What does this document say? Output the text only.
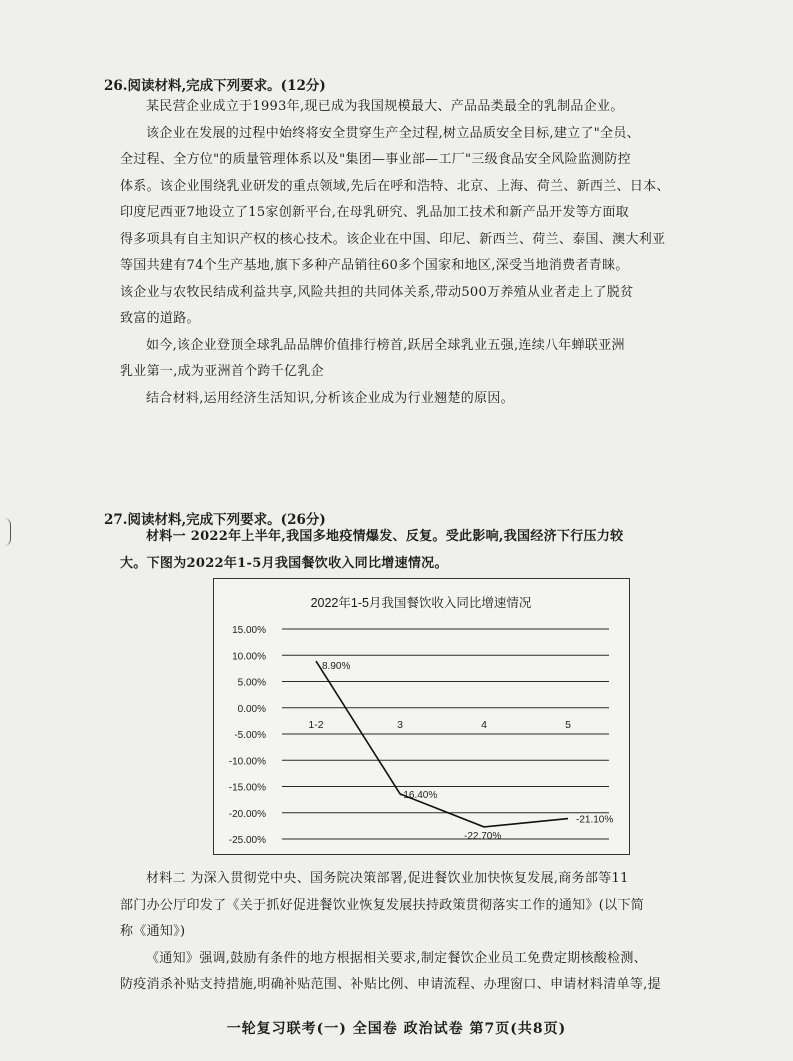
26.阅读材料,完成下列要求。(12分)
某民营企业成立于1993年,现已成为我国规模最大、产品品类最全的乳制品企业。
该企业在发展的过程中始终将安全贯穿生产全过程,树立品质安全目标,建立了"全员、
全过程、全方位"的质量管理体系以及"集团—事业部—工厂"三级食品安全风险监测防控
体系。该企业围绕乳业研发的重点领域,先后在呼和浩特、北京、上海、荷兰、新西兰、日本、
印度尼西亚7地设立了15家创新平台,在母乳研究、乳品加工技术和新产品开发等方面取
得多项具有自主知识产权的核心技术。该企业在中国、印尼、新西兰、荷兰、泰国、澳大利亚
等国共建有74个生产基地,旗下多种产品销往60多个国家和地区,深受当地消费者青睐。
该企业与农牧民结成利益共享,风险共担的共同体关系,带动500万养殖从业者走上了脱贫
致富的道路。
如今,该企业登顶全球乳品品牌价值排行榜首,跃居全球乳业五强,连续八年蝉联亚洲
乳业第一,成为亚洲首个跨千亿乳企
结合材料,运用经济生活知识,分析该企业成为行业翘楚的原因。
27.阅读材料,完成下列要求。(26分)
材料一 2022年上半年,我国多地疫情爆发、反复。受此影响,我国经济下行压力较
大。下图为2022年1-5月我国餐饮收入同比增速情况。
2022年1-5月我国餐饮收入同比增速情况
15.00%
10.00%
5.00%
0.00%
-5.00%
-10.00%
-15.00%
-20.00%
-25.00%
1-2	3	4	5
8.90%
-16.40%
-22.70%
-21.10%
材料二 为深入贯彻党中央、国务院决策部署,促进餐饮业加快恢复发展,商务部等11
部门办公厅印发了《关于抓好促进餐饮业恢复发展扶持政策贯彻落实工作的通知》(以下简
称《通知》)
《通知》强调,鼓励有条件的地方根据相关要求,制定餐饮企业员工免费定期核酸检测、
防疫消杀补贴支持措施,明确补贴范围、补贴比例、申请流程、办理窗口、申请材料清单等,提
一轮复习联考(一) 全国卷 政治试卷 第7页(共8页)
